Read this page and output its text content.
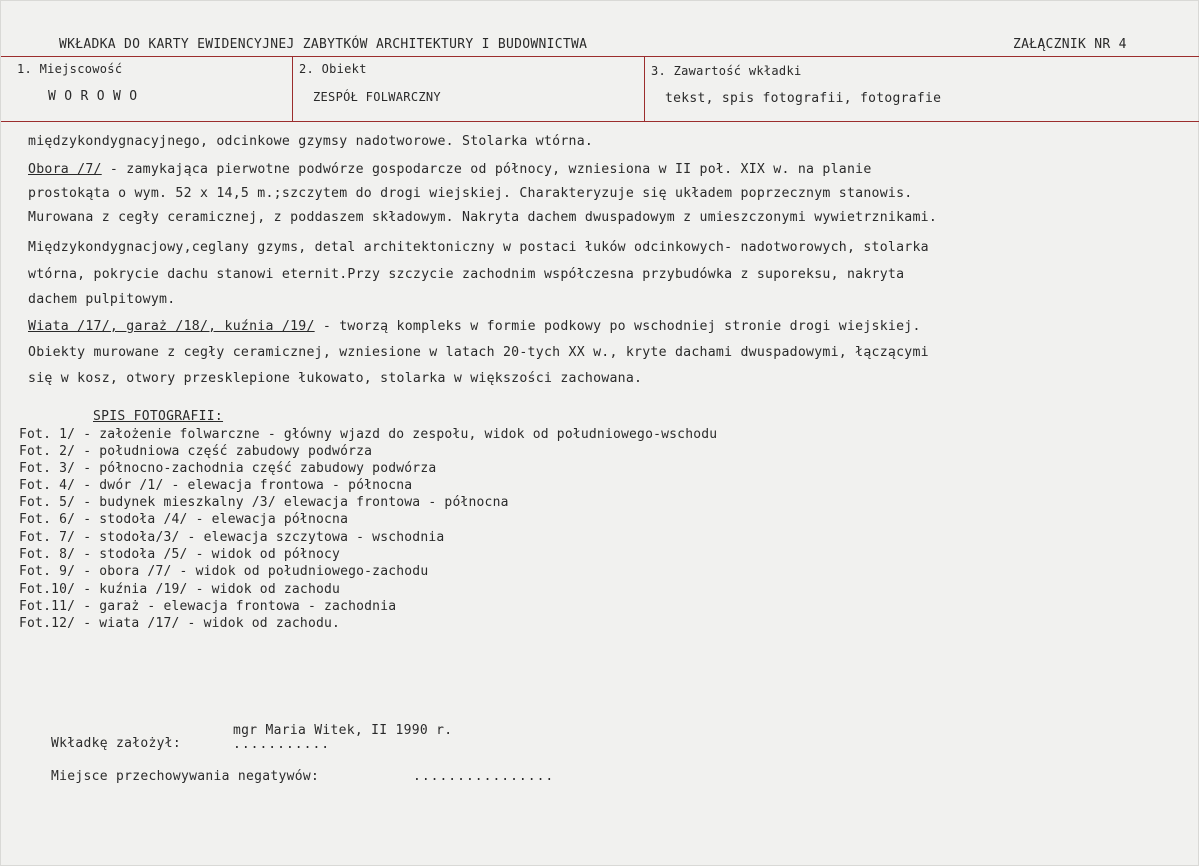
WKŁADKA DO KARTY EWIDENCYJNEJ ZABYTKÓW ARCHITEKTURY I BUDOWNICTWA	ZAŁĄCZNIK NR 4
1. Miejscowość
W O R O W O
2. Obiekt
ZESPÓŁ FOLWARCZNY
3. Zawartość wkładki
tekst, spis fotografii, fotografie
międzykondygnacyjnego, odcinkowe gzymsy nadotworowe. Stolarka wtórna.
Obora /7/ - zamykająca pierwotne podwórze gospodarcze od północy, wzniesiona w II poł. XIX w. na planie
prostokąta o wym. 52 x 14,5 m.;szczytem do drogi wiejskiej. Charakteryzuje się układem poprzecznym stanowis.
Murowana z cegły ceramicznej, z poddaszem składowym. Nakryta dachem dwuspadowym z umieszczonymi wywietrznikami.
Międzykondygnacjowy,ceglany gzyms, detal architektoniczny w postaci łuków odcinkowych- nadotworowych, stolarka
wtórna, pokrycie dachu stanowi eternit.Przy szczycie zachodnim współczesna przybudówka z suporeksu, nakryta
dachem pulpitowym.
Wiata /17/, garaż /18/, kuźnia /19/ - tworzą kompleks w formie podkowy po wschodniej stronie drogi wiejskiej.
Obiekty murowane z cegły ceramicznej, wzniesione w latach 20-tych XX w., kryte dachami dwuspadowymi, łączącymi
się w kosz, otwory przesklepione łukowato, stolarka w większości zachowana.
SPIS FOTOGRAFII:
Fot. 1/ - założenie folwarczne - główny wjazd do zespołu, widok od południowego-wschodu
Fot. 2/ - południowa część zabudowy podwórza
Fot. 3/ - północno-zachodnia część zabudowy podwórza
Fot. 4/ - dwór /1/ - elewacja frontowa - północna
Fot. 5/ - budynek mieszkalny /3/ elewacja frontowa - północna
Fot. 6/ - stodoła /4/ - elewacja północna
Fot. 7/ - stodoła/3/ - elewacja szczytowa - wschodnia
Fot. 8/ - stodoła /5/ - widok od północy
Fot. 9/ - obora /7/ - widok od południowego-zachodu
Fot.10/ - kuźnia /19/ - widok od zachodu
Fot.11/ - garaż - elewacja frontowa - zachodnia
Fot.12/ - wiata /17/ - widok od zachodu.
Wkładkę założył:
mgr Maria Witek, II 1990 r.
...........
Miejsce przechowywania negatywów:	................
